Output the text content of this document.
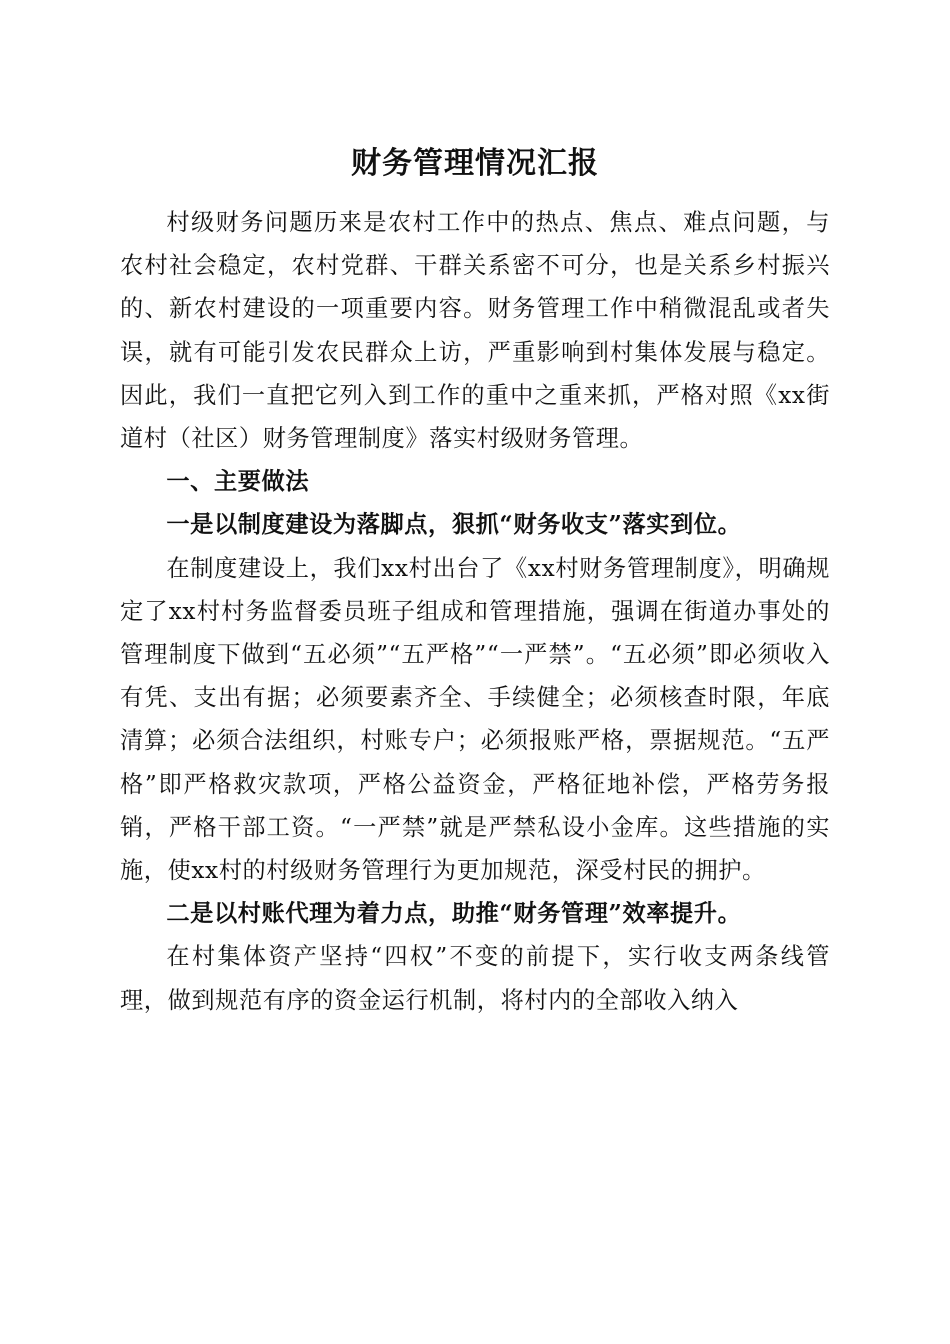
财务管理情况汇报

村级财务问题历来是农村工作中的热点、焦点、难点问题，与农村社会稳定，农村党群、干群关系密不可分，也是关系乡村振兴的、新农村建设的一项重要内容。财务管理工作中稍微混乱或者失误，就有可能引发农民群众上访，严重影响到村集体发展与稳定。因此，我们一直把它列入到工作的重中之重来抓，严格对照《xx街道村（社区）财务管理制度》落实村级财务管理。

一、主要做法

一是以制度建设为落脚点，狠抓“财务收支”落实到位。

在制度建设上，我们xx村出台了《xx村财务管理制度》，明确规定了xx村村务监督委员班子组成和管理措施，强调在街道办事处的管理制度下做到“五必须”“五严格”“一严禁”。“五必须”即必须收入有凭、支出有据；必须要素齐全、手续健全；必须核查时限，年底清算；必须合法组织，村账专户；必须报账严格，票据规范。“五严格”即严格救灾款项，严格公益资金，严格征地补偿，严格劳务报销，严格干部工资。“一严禁”就是严禁私设小金库。这些措施的实施，使xx村的村级财务管理行为更加规范，深受村民的拥护。

二是以村账代理为着力点，助推“财务管理”效率提升。

在村集体资产坚持“四权”不变的前提下，实行收支两条线管理，做到规范有序的资金运行机制，将村内的全部收入纳入
